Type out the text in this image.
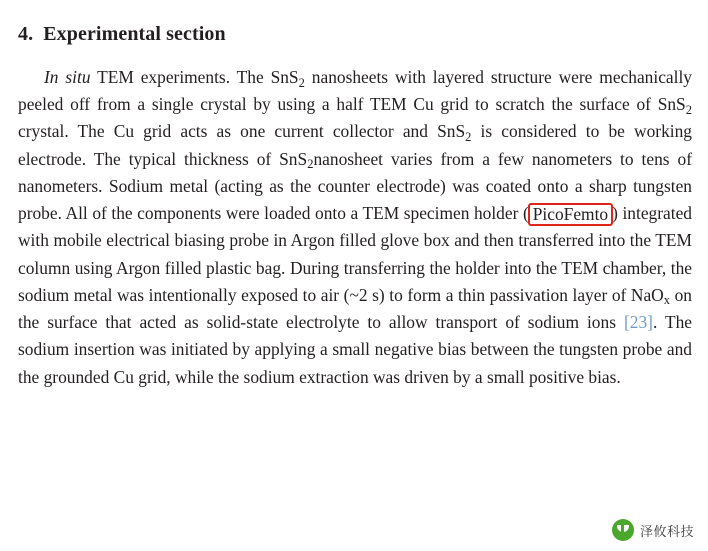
4. Experimental section

In situ TEM experiments. The SnS$_2$ nanosheets with layered structure were mechanically peeled off from a single crystal by using a half TEM Cu grid to scratch the surface of SnS$_2$ crystal. The Cu grid acts as one current collector and SnS$_2$ is considered to be working electrode. The typical thickness of SnS$_2$nanosheet varies from a few nanometers to tens of nanometers. Sodium metal (acting as the counter electrode) was coated onto a sharp tungsten probe. All of the components were loaded onto a TEM specimen holder ( PicoFemto ) integrated with mobile electrical biasing probe in Argon filled glove box and then transferred into the TEM column using Argon filled plastic bag. During transferring the holder into the TEM chamber, the sodium metal was intentionally exposed to air (~2 s) to form a thin passivation layer of NaO$_x$ on the surface that acted as solid-state electrolyte to allow transport of sodium ions [23]. The sodium insertion was initiated by applying a small negative bias between the tungsten probe and the grounded Cu grid, while the sodium extraction was driven by a small positive bias.

泽攸科技
